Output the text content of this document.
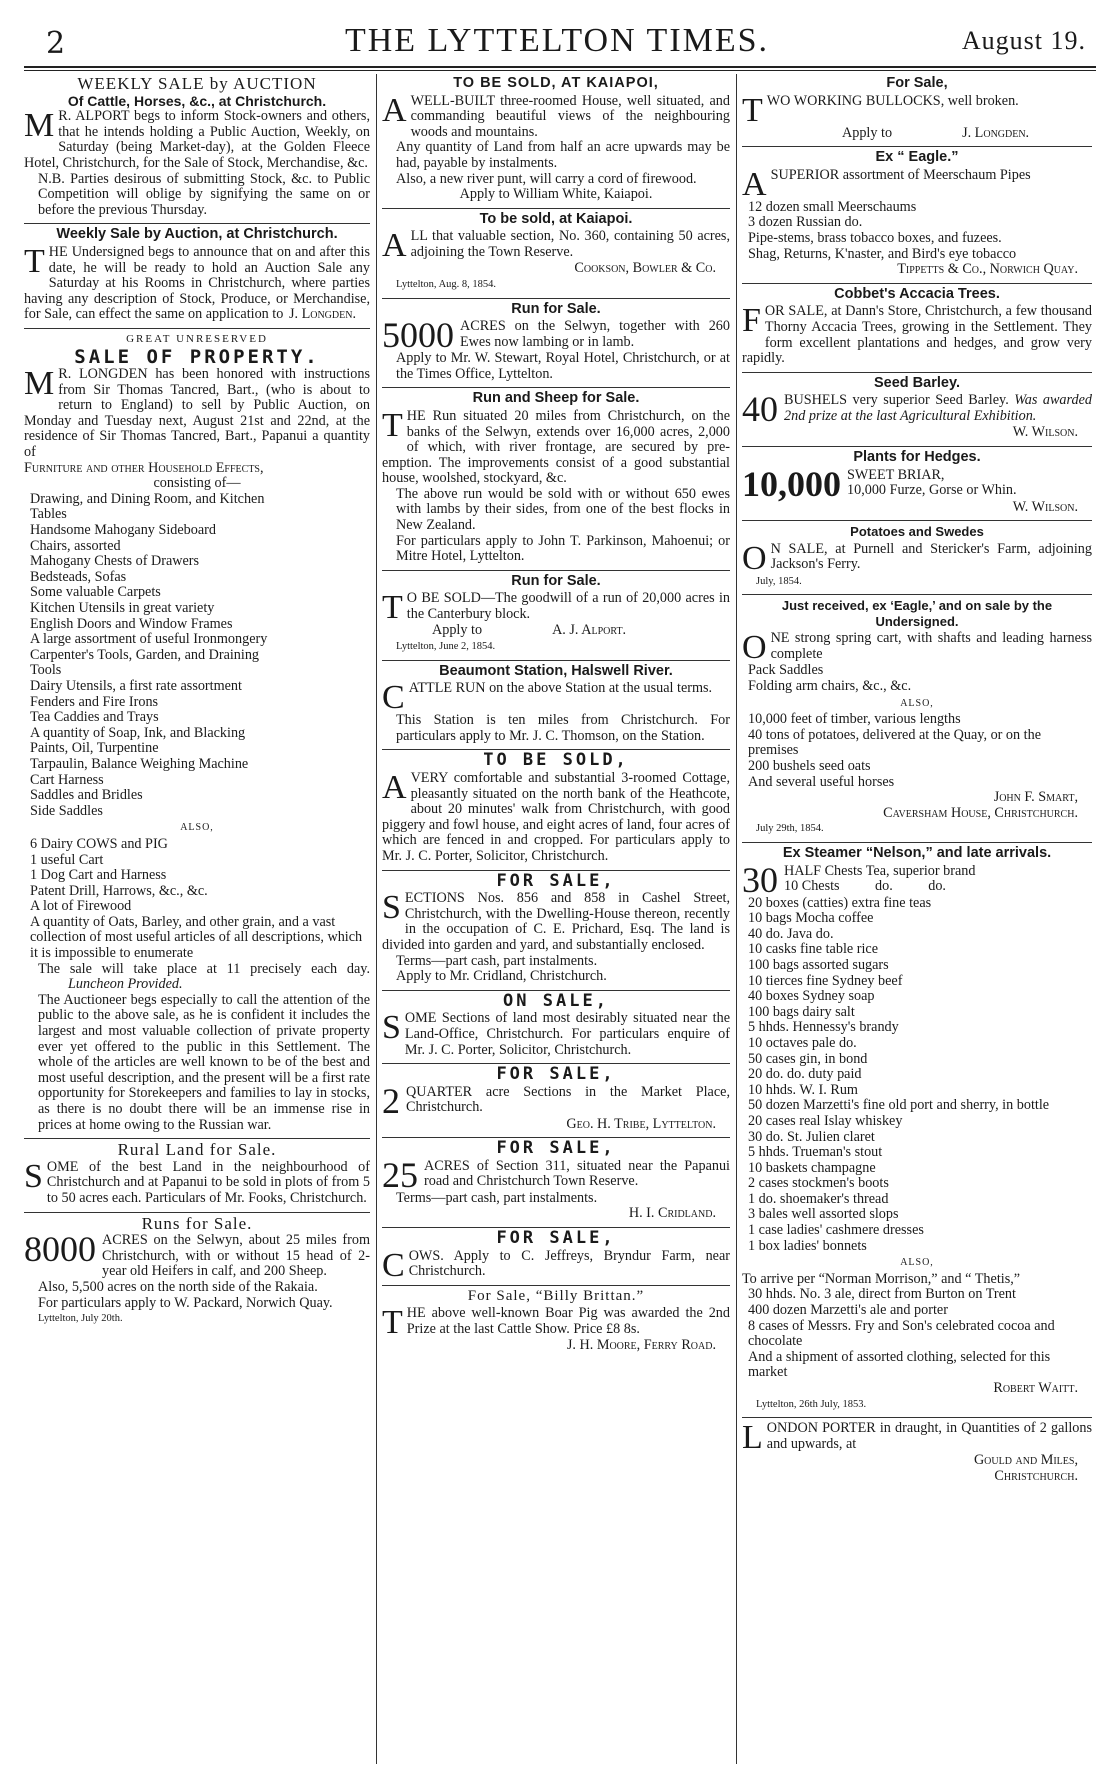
2	THE LYTTELTON TIMES.	August 19.
WEEKLY SALE by AUCTION
Of Cattle, Horses, &c., at Christchurch.

M R. ALPORT begs to inform Stock-owners and others, that he intends holding a Public Auction, Weekly, on Saturday (being Market-day), at the Golden Fleece Hotel, Christchurch, for the Sale of Stock, Merchandise, &c.

N.B. Parties desirous of submitting Stock, &c. to Public Competition will oblige by signifying the same on or before the previous Thursday.

Weekly Sale by Auction, at Christchurch.

THE Undersigned begs to announce that on and after this date, he will be ready to hold an Auction Sale any Saturday at his Rooms in Christchurch, where parties having any description of Stock, Produce, or Merchandise, for Sale, can effect the same on application to J. Longden.

GREAT UNRESERVED
SALE OF PROPERTY.

M R. LONGDEN has been honored with instructions from Sir Thomas Tancred, Bart., (who is about to return to England) to sell by Public Auction, on Monday and Tuesday next, August 21st and 22nd, at the residence of Sir Thomas Tancred, Bart., Papanui a quantity of

Furniture and other Household Effects,
consisting of—
Drawing, and Dining Room, and Kitchen
Tables
Handsome Mahogany Sideboard
Chairs, assorted
Mahogany Chests of Drawers
Bedsteads, Sofas
Some valuable Carpets
Kitchen Utensils in great variety
English Doors and Window Frames
A large assortment of useful Ironmongery
Carpenter's Tools, Garden, and Draining
Tools
Dairy Utensils, a first rate assortment
Fenders and Fire Irons
Tea Caddies and Trays
A quantity of Soap, Ink, and Blacking
Paints, Oil, Turpentine
Tarpaulin, Balance Weighing Machine
Cart Harness
Saddles and Bridles
Side Saddles
ALSO,
6 Dairy COWS and PIG
1 useful Cart
1 Dog Cart and Harness
Patent Drill, Harrows, &c., &c.
A lot of Firewood
A quantity of Oats, Barley, and other grain, and a vast collection of most useful articles of all descriptions, which it is impossible to enumerate

The sale will take place at 11 precisely each day. Luncheon Provided.

The Auctioneer begs especially to call the attention of the public to the above sale, as he is confident it includes the largest and most valuable collection of private property ever yet offered to the public in this Settlement. The whole of the articles are well known to be of the best and most useful description, and the present will be a first rate opportunity for Storekeepers and families to lay in stocks, as there is no doubt there will be an immense rise in prices at home owing to the Russian war.

Rural Land for Sale.

SOME of the best Land in the neighbourhood of Christchurch and at Papanui to be sold in plots of from 5 to 50 acres each. Particulars of Mr. Fooks, Christchurch.

Runs for Sale.

8000 ACRES on the Selwyn, about 25 miles from Christchurch, with or without 15 head of 2-year old Heifers in calf, and 200 Sheep.

Also, 5,500 acres on the north side of the Rakaia.

For particulars apply to W. Packard, Norwich Quay.

Lyttelton, July 20th.
TO BE SOLD, AT KAIAPOI,

AWELL-BUILT three-roomed House, well situated, and commanding beautiful views of the neighbouring woods and mountains.

Any quantity of Land from half an acre upwards may be had, payable by instalments.

Also, a new river punt, will carry a cord of firewood.

Apply to William White, Kaiapoi.

To be sold, at Kaiapoi.

ALL that valuable section, No. 360, containing 50 acres, adjoining the Town Reserve.

Cookson, Bowler & Co.
Lyttelton, Aug. 8, 1854.
Run for Sale.

5000 ACRES on the Selwyn, together with 260 Ewes now lambing or in lamb.

Apply to Mr. W. Stewart, Royal Hotel, Christchurch, or at the Times Office, Lyttelton.

Run and Sheep for Sale.

THE Run situated 20 miles from Christchurch, on the banks of the Selwyn, extends over 16,000 acres, 2,000 of which, with river frontage, are secured by pre-emption. The improvements consist of a good substantial house, woolshed, stockyard, &c.

The above run would be sold with or without 650 ewes with lambs by their sides, from one of the best flocks in New Zealand.

For particulars apply to John T. Parkinson, Mahoenui; or Mitre Hotel, Lyttelton.

Run for Sale.

T O BE SOLD—The goodwill of a run of 20,000 acres in the Canterbury block.

Apply to	A. J. Alport.

Lyttelton, June 2, 1854.
Beaumont Station, Halswell River.

CATTLE RUN on the above Station at the usual terms.

This Station is ten miles from Christchurch. For particulars apply to Mr. J. C. Thomson, on the Station.

TO BE SOLD,

AVERY comfortable and substantial 3-roomed Cottage, pleasantly situated on the north bank of the Heathcote, about 20 minutes' walk from Christchurch, with good piggery and fowl house, and eight acres of land, four acres of which are fenced in and cropped. For particulars apply to Mr. J. C. Porter, Solicitor, Christchurch.

FOR SALE,

SECTIONS Nos. 856 and 858 in Cashel Street, Christchurch, with the Dwelling-House thereon, recently in the occupation of C. E. Prichard, Esq. The land is divided into garden and yard, and substantially enclosed.

Terms—part cash, part instalments.

Apply to Mr. Cridland, Christchurch.

ON SALE,

SOME Sections of land most desirably situated near the Land-Office, Christchurch. For particulars enquire of Mr. J. C. Porter, Solicitor, Christchurch.

FOR SALE,

2 QUARTER acre Sections in the Market Place, Christchurch.

Geo. H. Tribe, Lyttelton.
FOR SALE,

25 ACRES of Section 311, situated near the Papanui road and Christchurch Town Reserve.

Terms—part cash, part instalments.

H. I. Cridland.
FOR SALE,

COWS. Apply to C. Jeffreys, Bryndur Farm, near Christchurch.

For Sale, “Billy Brittan.”

THE above well-known Boar Pig was awarded the 2nd Prize at the last Cattle Show. Price £8 8s.

J. H. Moore, Ferry Road.
For Sale,

TWO WORKING BULLOCKS, well broken.

Apply to	J. Longden.

Ex “ Eagle.”

ASUPERIOR assortment of Meerschaum Pipes

12 dozen small Meerschaums
3 dozen Russian do.
Pipe-stems, brass tobacco boxes, and fuzees.
Shag, Returns, K'naster, and Bird's eye tobacco
Tippetts & Co., Norwich Quay.
Cobbet's Accacia Trees.

FOR SALE, at Dann's Store, Christchurch, a few thousand Thorny Accacia Trees, growing in the Settlement. They form excellent plantations and hedges, and grow very rapidly.

Seed Barley.

40 BUSHELS very superior Seed Barley. Was awarded 2nd prize at the last Agricultural Exhibition.

W. Wilson.
Plants for Hedges.

10,000 SWEET BRIAR,
10,000 Furze, Gorse or Whin.

W. Wilson.
Potatoes and Swedes

O N SALE, at Purnell and Stericker's Farm, adjoining Jackson's Ferry.

July, 1854.
Just received, ex ‘Eagle,’ and on sale by the Undersigned.

ONE strong spring cart, with shafts and leading harness complete

Pack Saddles
Folding arm chairs, &c., &c.
ALSO,
10,000 feet of timber, various lengths
40 tons of potatoes, delivered at the Quay, or on the premises
200 bushels seed oats
And several useful horses
John F. Smart,
Caversham House, Christchurch.
July 29th, 1854.
Ex Steamer “Nelson,” and late arrivals.

30 HALF Chests Tea, superior brand
10 Chests          do.          do.

20 boxes (catties) extra fine teas
10 bags Mocha coffee
40 do. Java do.
10 casks fine table rice
100 bags assorted sugars
10 tierces fine Sydney beef
40 boxes Sydney soap
100 bags dairy salt
5 hhds. Hennessy's brandy
10 octaves pale do.
50 cases gin, in bond
20 do. do. duty paid
10 hhds. W. I. Rum
50 dozen Marzetti's fine old port and sherry, in bottle
20 cases real Islay whiskey
30 do. St. Julien claret
5 hhds. Trueman's stout
10 baskets champagne
2 cases stockmen's boots
1 do. shoemaker's thread
3 bales well assorted slops
1 case ladies' cashmere dresses
1 box ladies' bonnets
ALSO,
To arrive per “Norman Morrison,” and “ Thetis,”
30 hhds. No. 3 ale, direct from Burton on Trent
400 dozen Marzetti's ale and porter
8 cases of Messrs. Fry and Son's celebrated cocoa and chocolate
And a shipment of assorted clothing, selected for this market
Robert Waitt.
Lyttelton, 26th July, 1853.

LONDON PORTER in draught, in Quantities of 2 gallons and upwards, at

Gould and Miles,
Christchurch.
